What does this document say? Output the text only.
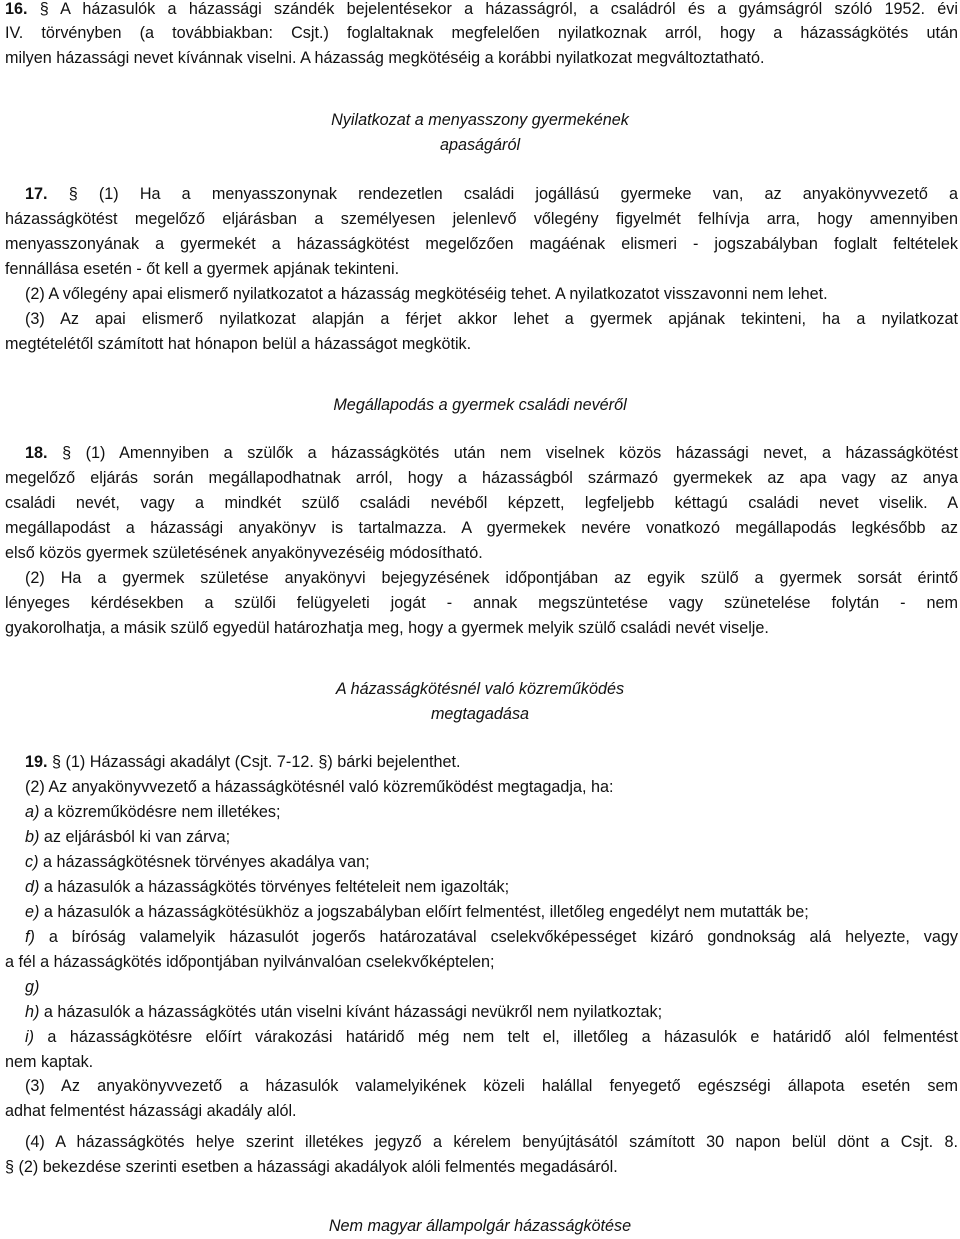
16. § A házasulók a házassági szándék bejelentésekor a házasságról, a családról és a gyámságról szóló 1952. évi
IV. törvényben (a továbbiakban: Csjt.) foglaltaknak megfelelően nyilatkoznak arról, hogy a házasságkötés után
milyen házassági nevet kívánnak viselni. A házasság megkötéséig a korábbi nyilatkozat megváltoztatható.
Nyilatkozat a menyasszony gyermekének
apaságáról
17. § (1) Ha a menyasszonynak rendezetlen családi jogállású gyermeke van, az anyakönyvvezető a
házasságkötést megelőző eljárásban a személyesen jelenlevő vőlegény figyelmét felhívja arra, hogy amennyiben
menyasszonyának a gyermekét a házasságkötést megelőzően magáénak elismeri - jogszabályban foglalt feltételek
fennállása esetén - őt kell a gyermek apjának tekinteni.
(2) A vőlegény apai elismerő nyilatkozatot a házasság megkötéséig tehet. A nyilatkozatot visszavonni nem lehet.
(3) Az apai elismerő nyilatkozat alapján a férjet akkor lehet a gyermek apjának tekinteni, ha a nyilatkozat
megtételétől számított hat hónapon belül a házasságot megkötik.
Megállapodás a gyermek családi nevéről
18. § (1) Amennyiben a szülők a házasságkötés után nem viselnek közös házassági nevet, a házasságkötést
megelőző eljárás során megállapodhatnak arról, hogy a házasságból származó gyermekek az apa vagy az anya
családi nevét, vagy a mindkét szülő családi nevéből képzett, legfeljebb kéttagú családi nevet viselik. A
megállapodást a házassági anyakönyv is tartalmazza. A gyermekek nevére vonatkozó megállapodás legkésőbb az
első közös gyermek születésének anyakönyvezéséig módosítható.
(2) Ha a gyermek születése anyakönyvi bejegyzésének időpontjában az egyik szülő a gyermek sorsát érintő
lényeges kérdésekben a szülői felügyeleti jogát - annak megszüntetése vagy szünetelése folytán - nem
gyakorolhatja, a másik szülő egyedül határozhatja meg, hogy a gyermek melyik szülő családi nevét viselje.
A házasságkötésnél való közreműködés
megtagadása
19. § (1) Házassági akadályt (Csjt. 7-12. §) bárki bejelenthet.
(2) Az anyakönyvvezető a házasságkötésnél való közreműködést megtagadja, ha:
a) a közreműködésre nem illetékes;
b) az eljárásból ki van zárva;
c) a házasságkötésnek törvényes akadálya van;
d) a házasulók a házasságkötés törvényes feltételeit nem igazolták;
e) a házasulók a házasságkötésükhöz a jogszabályban előírt felmentést, illetőleg engedélyt nem mutatták be;
f) a bíróság valamelyik házasulót jogerős határozatával cselekvőképességet kizáró gondnokság alá helyezte, vagy
a fél a házasságkötés időpontjában nyilvánvalóan cselekvőképtelen;
g)
h) a házasulók a házasságkötés után viselni kívánt házassági nevükről nem nyilatkoztak;
i) a házasságkötésre előírt várakozási határidő még nem telt el, illetőleg a házasulók e határidő alól felmentést
nem kaptak.
(3) Az anyakönyvvezető a házasulók valamelyikének közeli halállal fenyegető egészségi állapota esetén sem
adhat felmentést házassági akadály alól.
(4) A házasságkötés helye szerint illetékes jegyző a kérelem benyújtásától számított 30 napon belül dönt a Csjt. 8.
§ (2) bekezdése szerinti esetben a házassági akadályok alóli felmentés megadásáról.
Nem magyar állampolgár házasságkötése
